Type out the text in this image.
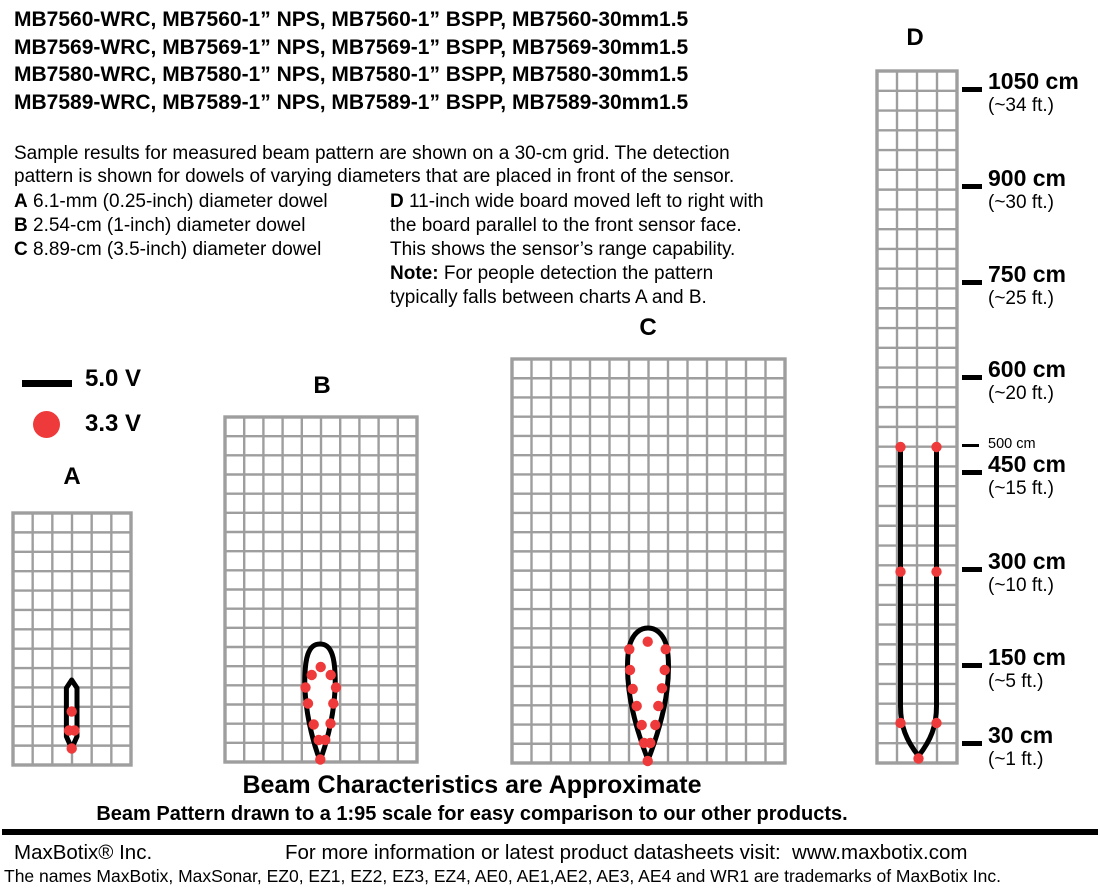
MB7560-WRC, MB7560-1” NPS, MB7560-1” BSPP, MB7560-30mm1.5
MB7569-WRC, MB7569-1” NPS, MB7569-1” BSPP, MB7569-30mm1.5
MB7580-WRC, MB7580-1” NPS, MB7580-1” BSPP, MB7580-30mm1.5
MB7589-WRC, MB7589-1” NPS, MB7589-1” BSPP, MB7589-30mm1.5
Sample results for measured beam pattern are shown on a 30-cm grid. The detection
pattern is shown for dowels of varying diameters that are placed in front of the sensor.
A 6.1-mm (0.25-inch) diameter dowel
B 2.54-cm (1-inch) diameter dowel
C 8.89-cm (3.5-inch) diameter dowel
D 11-inch wide board moved left to right with
the board parallel to the front sensor face.
This shows the sensor’s range capability.
Note: For people detection the pattern
typically falls between charts A and B.
5.0 V
3.3 V
A
B
C
D
1050 cm
(~34 ft.)
900 cm
(~30 ft.)
750 cm
(~25 ft.)
600 cm
(~20 ft.)
500 cm
450 cm
(~15 ft.)
300 cm
(~10 ft.)
150 cm
(~5 ft.)
30 cm
(~1 ft.)
Beam Characteristics are Approximate
Beam Pattern drawn to a 1:95 scale for easy comparison to our other products.
MaxBotix® Inc.	For more information or latest product datasheets visit:  www.maxbotix.com
The names MaxBotix, MaxSonar, EZ0, EZ1, EZ2, EZ3, EZ4, AE0, AE1,AE2, AE3, AE4 and WR1 are trademarks of MaxBotix Inc.
